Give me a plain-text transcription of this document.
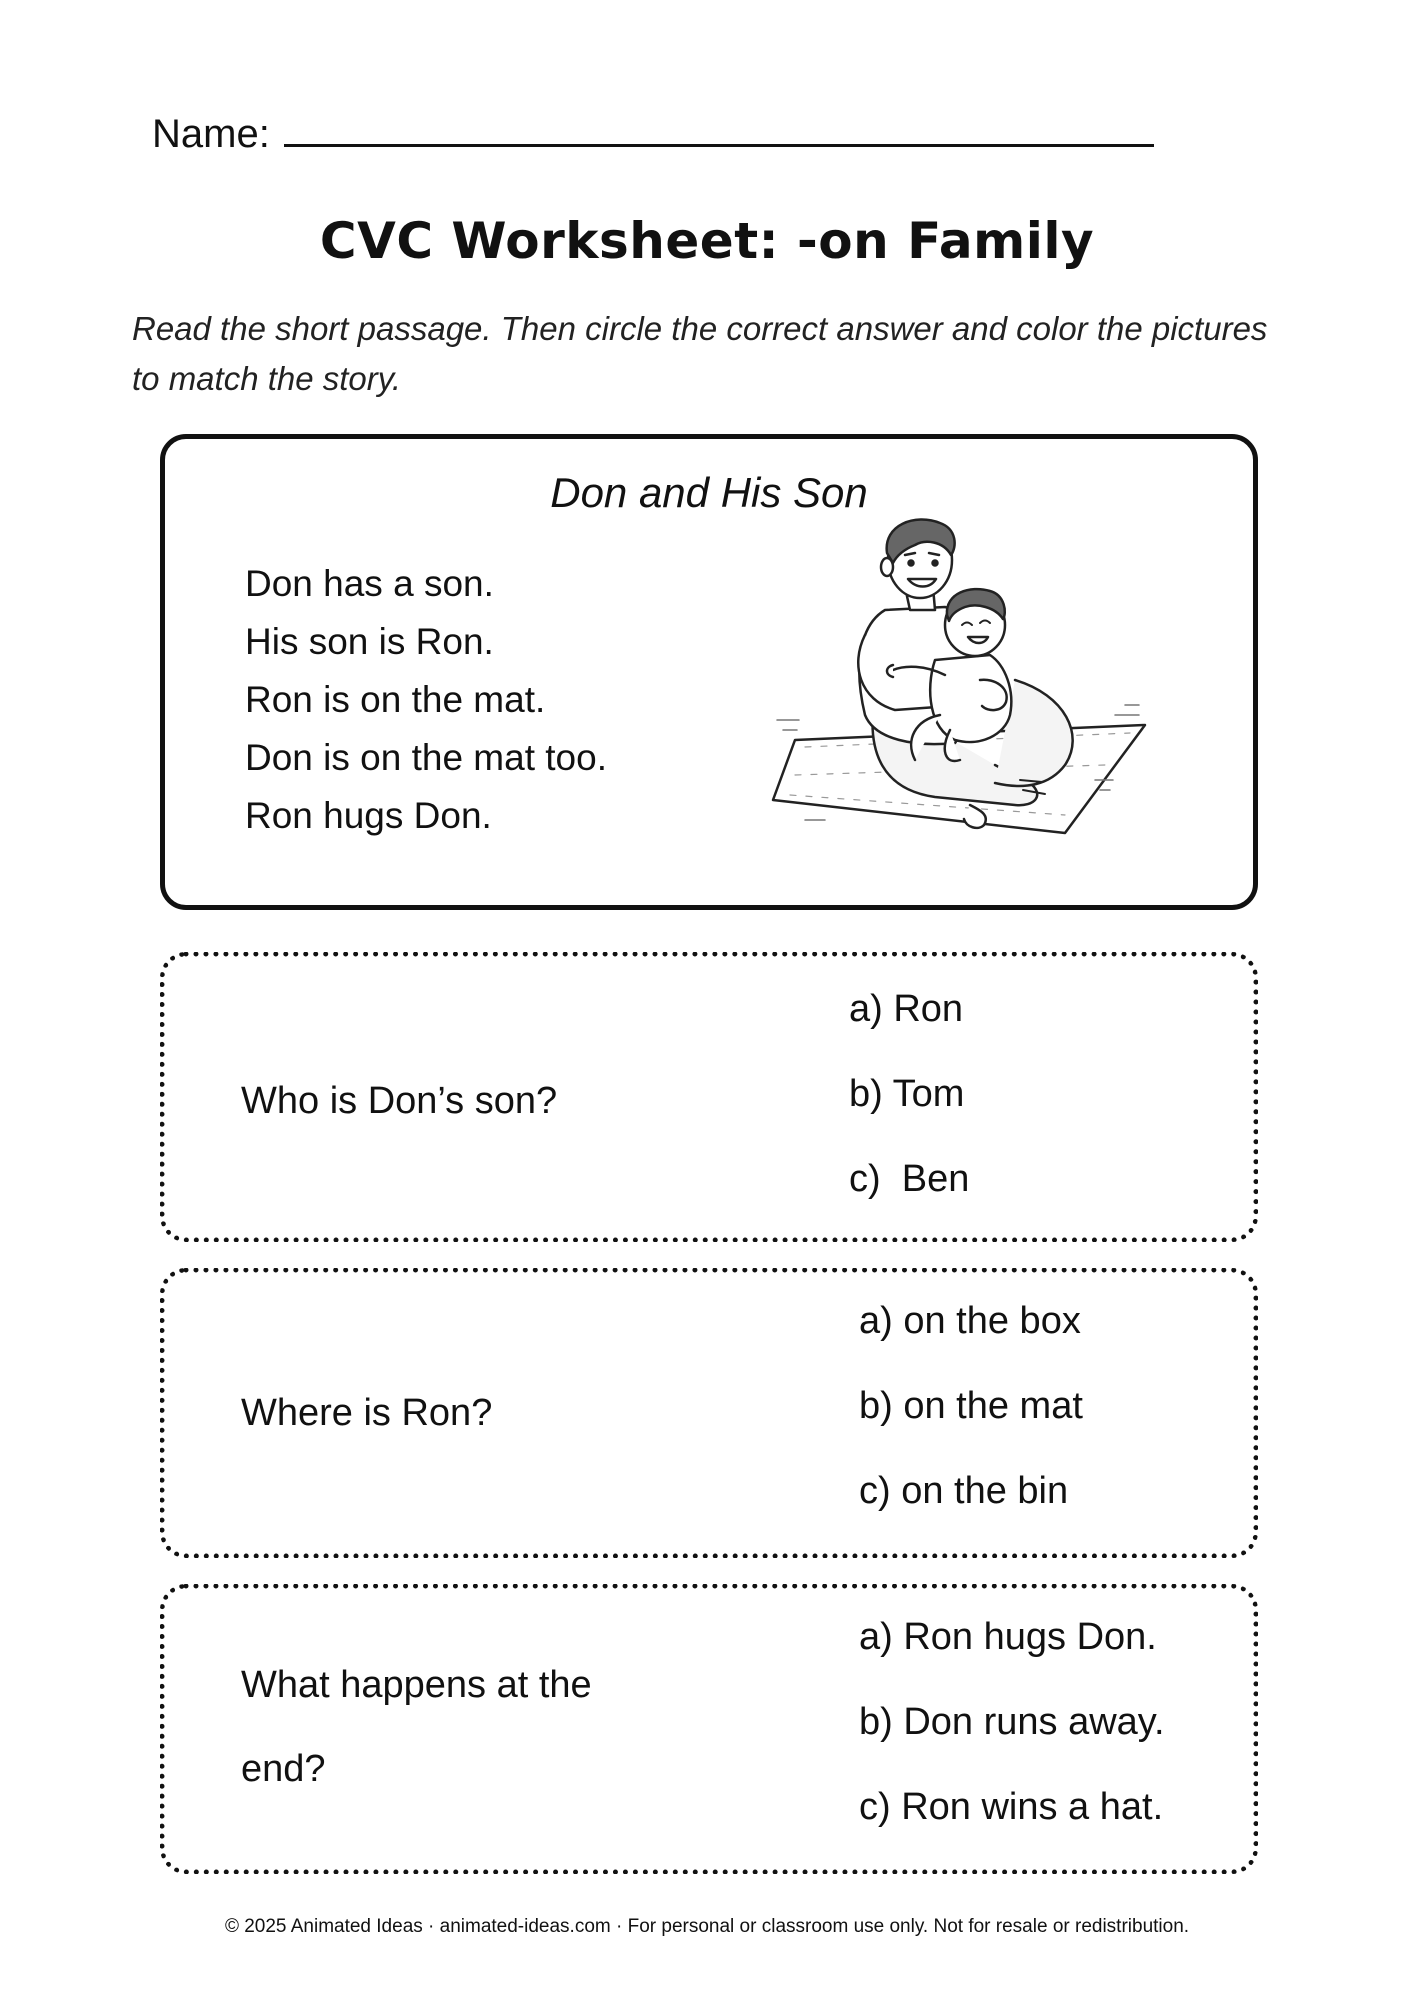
Name:
CVC Worksheet: -on Family
Read the short passage. Then circle the correct answer and color the pictures to match the story.
Don and His Son
Don has a son.
His son is Ron.
Ron is on the mat.
Don is on the mat too.
Ron hugs Don.
Who is Don’s son?
a) Ron
b) Tom
c)  Ben
Where is Ron?
a) on the box
b) on the mat
c) on the bin
What happens at the end?
a) Ron hugs Don.
b) Don runs away.
c) Ron wins a hat.
© 2025 Animated Ideas · animated-ideas.com · For personal or classroom use only. Not for resale or redistribution.
